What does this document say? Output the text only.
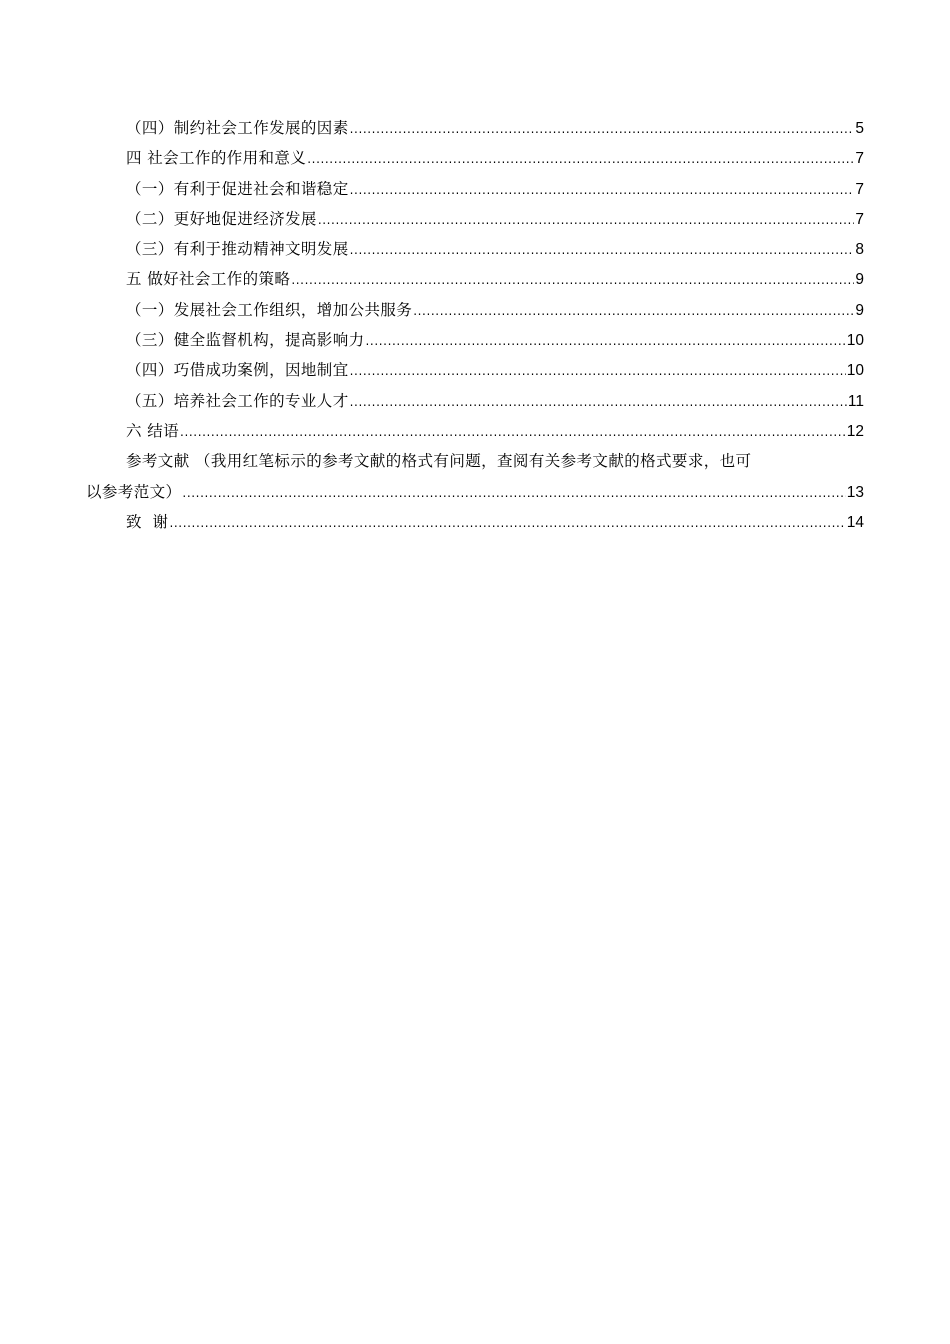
（四）制约社会工作发展的因素 .....	5
四 社会工作的作用和意义 .....	7
（一）有利于促进社会和谐稳定 .....	7
（二）更好地促进经济发展 .....	7
（三）有利于推动精神文明发展 .....	8
五 做好社会工作的策略 .....	9
（一）发展社会工作组织，增加公共服务 .....	9
（三）健全监督机构，提高影响力 .....	10
（四）巧借成功案例，因地制宜 .....	10
（五）培养社会工作的专业人才 .....	11
六 结语 .....	12
参考文献 （我用红笔标示的参考文献的格式有问题，查阅有关参考文献的格式要求，也可
以参考范文） .....	13
致  谢 .....	14
